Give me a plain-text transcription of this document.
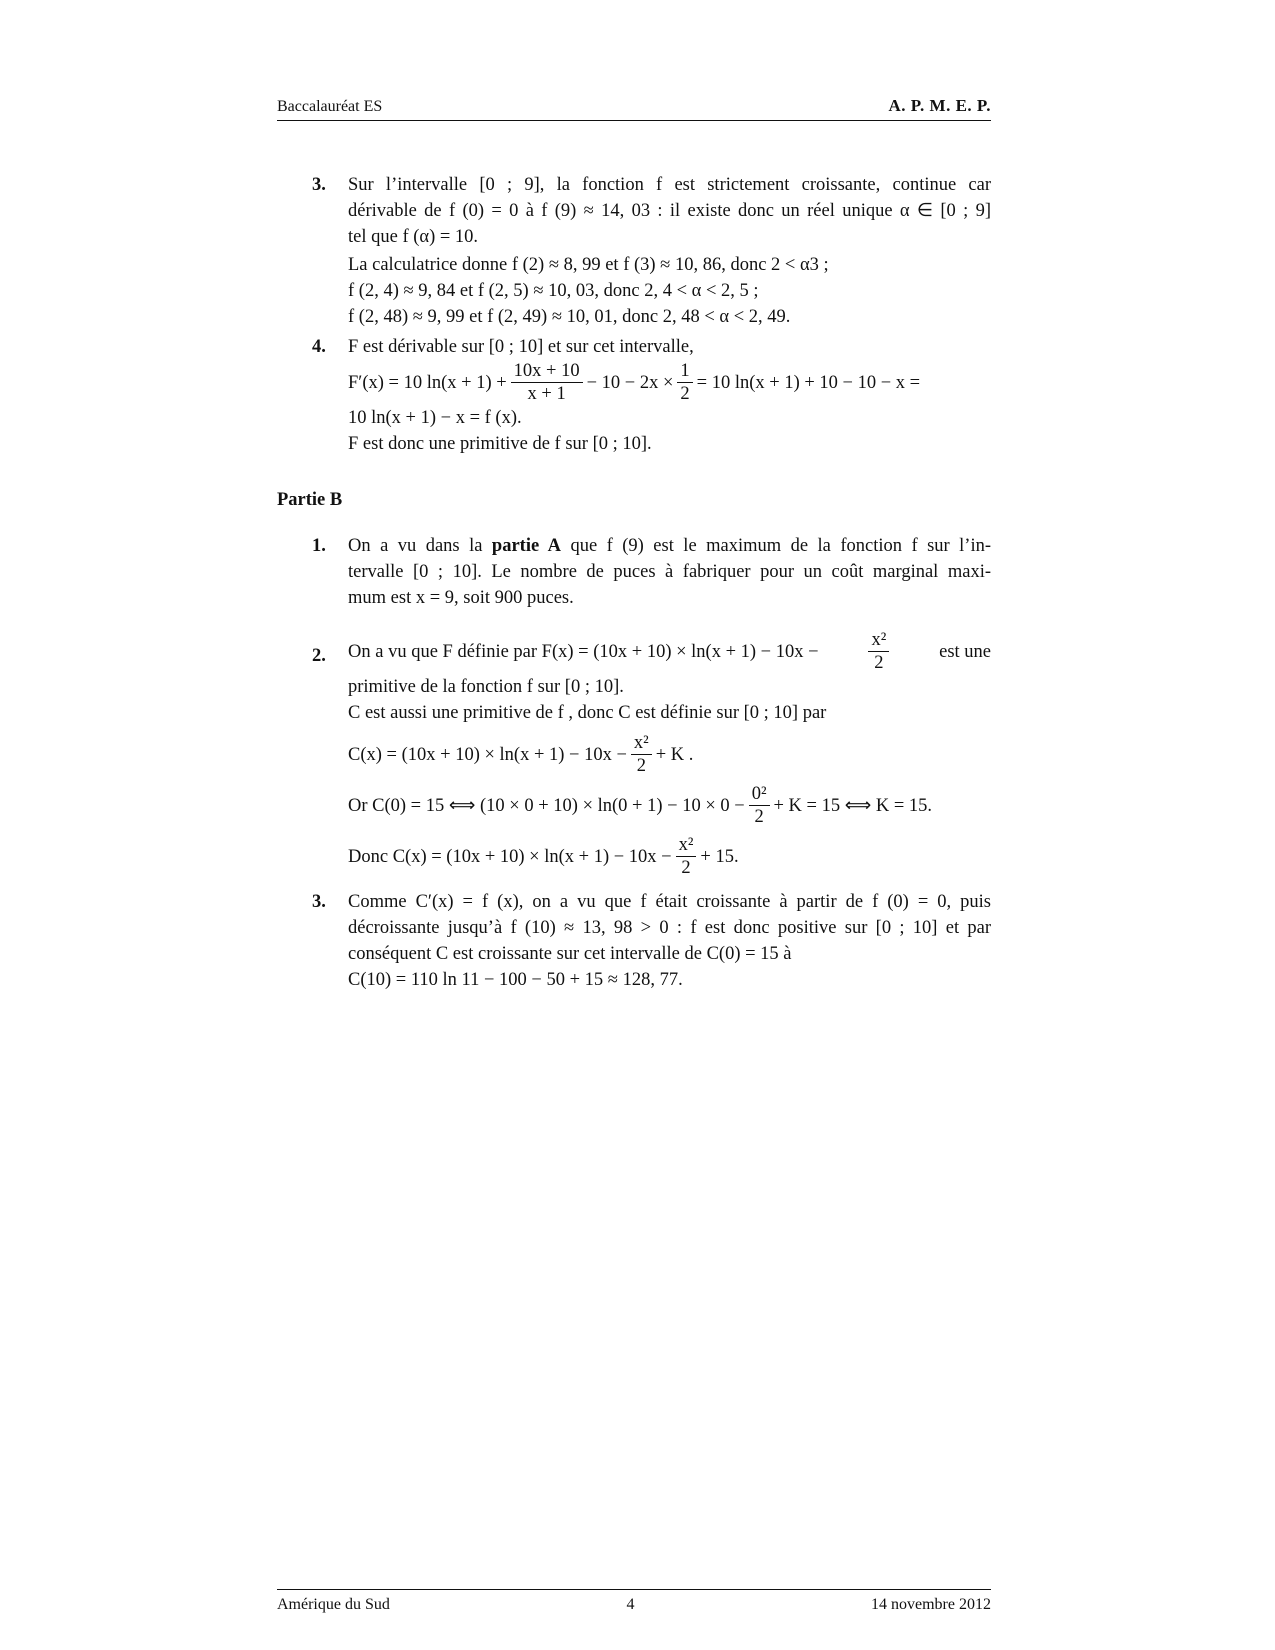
Baccalauréat ES	A. P. M. E. P.
3.	Sur l’intervalle [0 ; 9], la fonction f est strictement croissante, continue car
dérivable de f (0) = 0 à f (9) ≈ 14, 03 : il existe donc un réel unique α ∈ [0 ; 9]
tel que f (α) = 10.
La calculatrice donne f (2) ≈ 8, 99 et f (3) ≈ 10, 86, donc 2 < α3 ;
f (2, 4) ≈ 9, 84 et f (2, 5) ≈ 10, 03, donc 2, 4 < α < 2, 5 ;
f (2, 48) ≈ 9, 99 et f (2, 49) ≈ 10, 01, donc 2, 48 < α < 2, 49.
4.	F est dérivable sur [0 ; 10] et sur cet intervalle,
F′(x) = 10 $\ln(x + 1) + \frac{10x + 10}{x + 1} - 10 - 2x \times \frac{1}{2} = 10$ ln(x + 1) + 10 − 10 − x =
10 ln(x + 1) − x = f (x).
F est donc une primitive de f sur [0 ; 10].
Partie B
1.	On a vu dans la partie A que f (9) est le maximum de la fonction f sur l’in-
tervalle [0 ; 10]. Le nombre de puces à fabriquer pour un coût marginal maxi-
mum est x = 9, soit 900 puces.
2.	On a vu que F définie par F(x) = (10x + 10) × ln(x + 1) − 10x −	$\frac{\text{x²}}{2}$	est une
primitive de la fonction f sur [0 ; 10].
C est aussi une primitive de f , donc C est définie sur [0 ; 10] par
$C(x) = (10x + 10) \times \ln(x + 1) - 10x - \frac{\text{x²}}{2} + K$ .
Or C(0) = 15 ⟺ $(10 \times 0 + 10) \times \ln(0 + 1) - 10 \times 0 - \frac{\text{0²}}{2} + K = 15$ ⟺ K = 15.
Donc $C(x) = (10x + 10) \times \ln(x + 1) - 10x - \frac{\text{x²}}{2} + 15$.
3.	Comme C′(x) = f (x), on a vu que f était croissante à partir de f (0) = 0, puis
décroissante jusqu’à f (10) ≈ 13, 98 > 0 : f est donc positive sur [0 ; 10] et par
conséquent C est croissante sur cet intervalle de C(0) = 15 à
C(10) = 110 ln 11 − 100 − 50 + 15 ≈ 128, 77.
Amérique du Sud	4	14 novembre 2012
